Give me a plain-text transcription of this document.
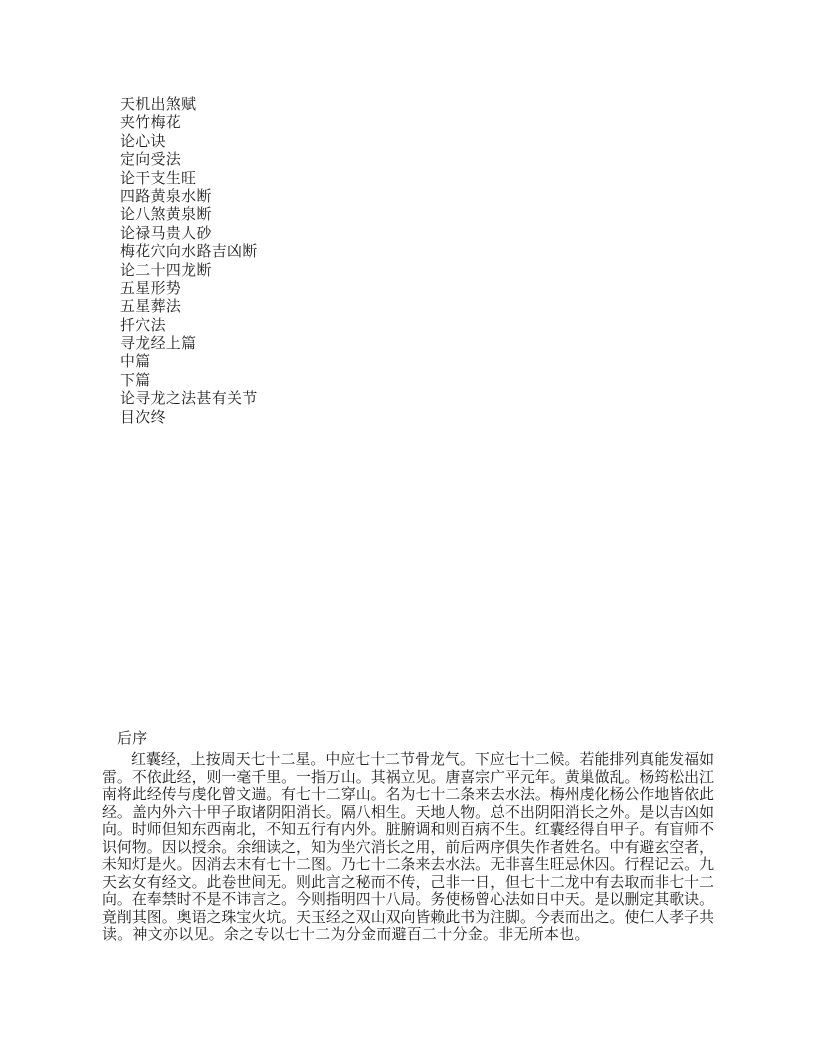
天机出煞赋
夹竹梅花
论心诀
定向受法
论干支生旺
四路黄泉水断
论八煞黄泉断
论禄马贵人砂
梅花穴向水路吉凶断
论二十四龙断
五星形势
五星葬法
扦穴法
寻龙经上篇
中篇
下篇
论寻龙之法甚有关节
目次终
后序
红囊经，上按周天七十二星。中应七十二节骨龙气。下应七十二候。若能排列真能发福如
雷。不依此经，则一毫千里。一指万山。其祸立见。唐喜宗广平元年。黄巢做乱。杨筠松出江
南将此经传与虔化曾文遄。有七十二穿山。名为七十二条来去水法。梅州虔化杨公作地皆依此
经。盖内外六十甲子取诸阴阳消长。隔八相生。天地人物。总不出阴阳消长之外。是以吉凶如
向。时师但知东西南北，不知五行有内外。脏腑调和则百病不生。红囊经得自甲子。有盲师不
识何物。因以授余。余细读之，知为坐穴消长之用，前后两序俱失作者姓名。中有避玄空者，
未知灯是火。因消去末有七十二图。乃七十二条来去水法。无非喜生旺忌休囚。行程记云。九
天玄女有经文。此卷世间无。则此言之秘而不传，己非一日，但七十二龙中有去取而非七十二
向。在奉禁时不是不讳言之。今则指明四十八局。务使杨曾心法如日中天。是以删定其歌诀。
竟削其图。奥语之珠宝火坑。天玉经之双山双向皆赖此书为注脚。今表而出之。使仁人孝子共
读。神文亦以见。余之专以七十二为分金而避百二十分金。非无所本也。
